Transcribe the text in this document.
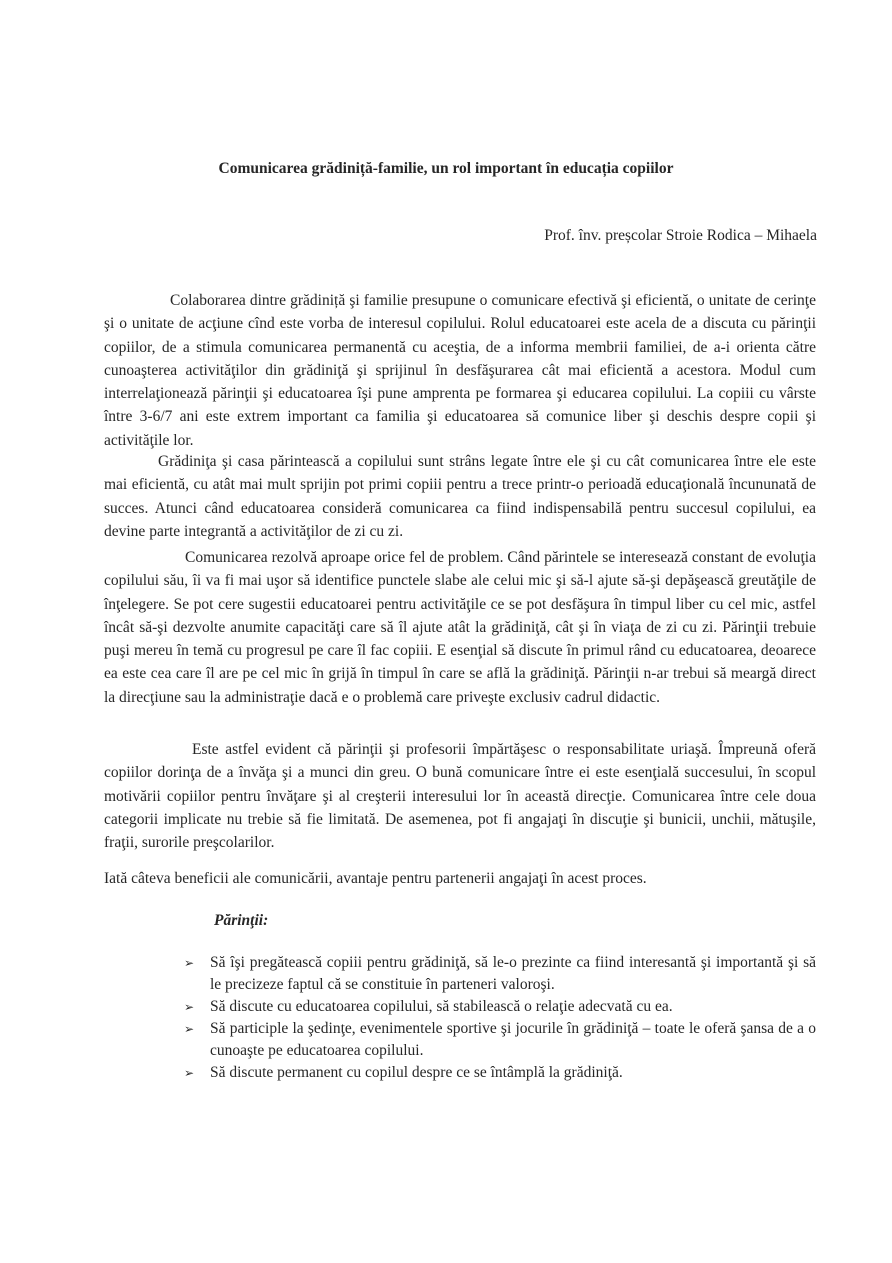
Comunicarea grădiniță-familie, un rol important în educația copiilor
Prof. înv. preșcolar Stroie Rodica – Mihaela

Colaborarea dintre grădiniță şi familie presupune o comunicare efectivă şi eficientă, o unitate de cerinţe şi o unitate de acţiune cînd este vorba de interesul copilului. Rolul educatoarei este acela de a discuta cu părinţii copiilor, de a stimula comunicarea permanentă cu aceştia, de a informa membrii familiei, de a-i orienta către cunoaşterea activităţilor din grădiniţă şi sprijinul în desfăşurarea cât mai eficientă a acestora. Modul cum interrelaţionează părinţii şi educatoarea îşi pune amprenta pe formarea şi educarea copilului. La copiii cu vârste între 3-6/7 ani este extrem important ca familia şi educatoarea să comunice liber şi deschis despre copii şi activităţile lor.

Grădiniţa şi casa părintească a copilului sunt strâns legate între ele şi cu cât comunicarea între ele este mai eficientă, cu atât mai mult sprijin pot primi copiii pentru a trece printr-o perioadă educaţională încununată de succes. Atunci când educatoarea consideră comunicarea ca fiind indispensabilă pentru succesul copilului, ea devine parte integrantă a activităţilor de zi cu zi.

Comunicarea rezolvă aproape orice fel de problem. Când părintele se interesează constant de evoluţia copilului său, îi va fi mai uşor să identifice punctele slabe ale celui mic şi să-l ajute să-şi depăşească greutăţile de înţelegere. Se pot cere sugestii educatoarei pentru activităţile ce se pot desfăşura în timpul liber cu cel mic, astfel încât să-şi dezvolte anumite capacităţi care să îl ajute atât la grădiniţă, cât şi în viaţa de zi cu zi. Părinţii trebuie puşi mereu în temă cu progresul pe care îl fac copiii. E esenţial să discute în primul rând cu educatoarea, deoarece ea este cea care îl are pe cel mic în grijă în timpul în care se află la grădiniţă. Părinţii n-ar trebui să meargă direct la direcţiune sau la administraţie dacă e o problemă care priveşte exclusiv cadrul didactic.

Este astfel evident că părinţii şi profesorii împărtăşesc o responsabilitate uriaşă. Împreună oferă copiilor dorinţa de a învăţa şi a munci din greu. O bună comunicare între ei este esenţială succesului, în scopul motivării copiilor pentru învăţare şi al creşterii interesului lor în această direcţie. Comunicarea între cele doua categorii implicate nu trebie să fie limitată. De asemenea, pot fi angajaţi în discuţie şi bunicii, unchii, mătuşile, fraţii, surorile preşcolarilor.

Iată câteva beneficii ale comunicării, avantaje pentru partenerii angajaţi în acest proces.

Părinţii:
➢ Să îşi pregătească copiii pentru grădiniţă, să le-o prezinte ca fiind interesantă şi importantă şi să le precizeze faptul că se constituie în parteneri valoroşi.
➢ Să discute cu educatoarea copilului, să stabilească o relaţie adecvată cu ea.
➢ Să participle la şedinţe, evenimentele sportive şi jocurile în grădiniţă – toate le oferă şansa de a o cunoaşte pe educatoarea copilului.
➢ Să discute permanent cu copilul despre ce se întâmplă la grădiniţă.
